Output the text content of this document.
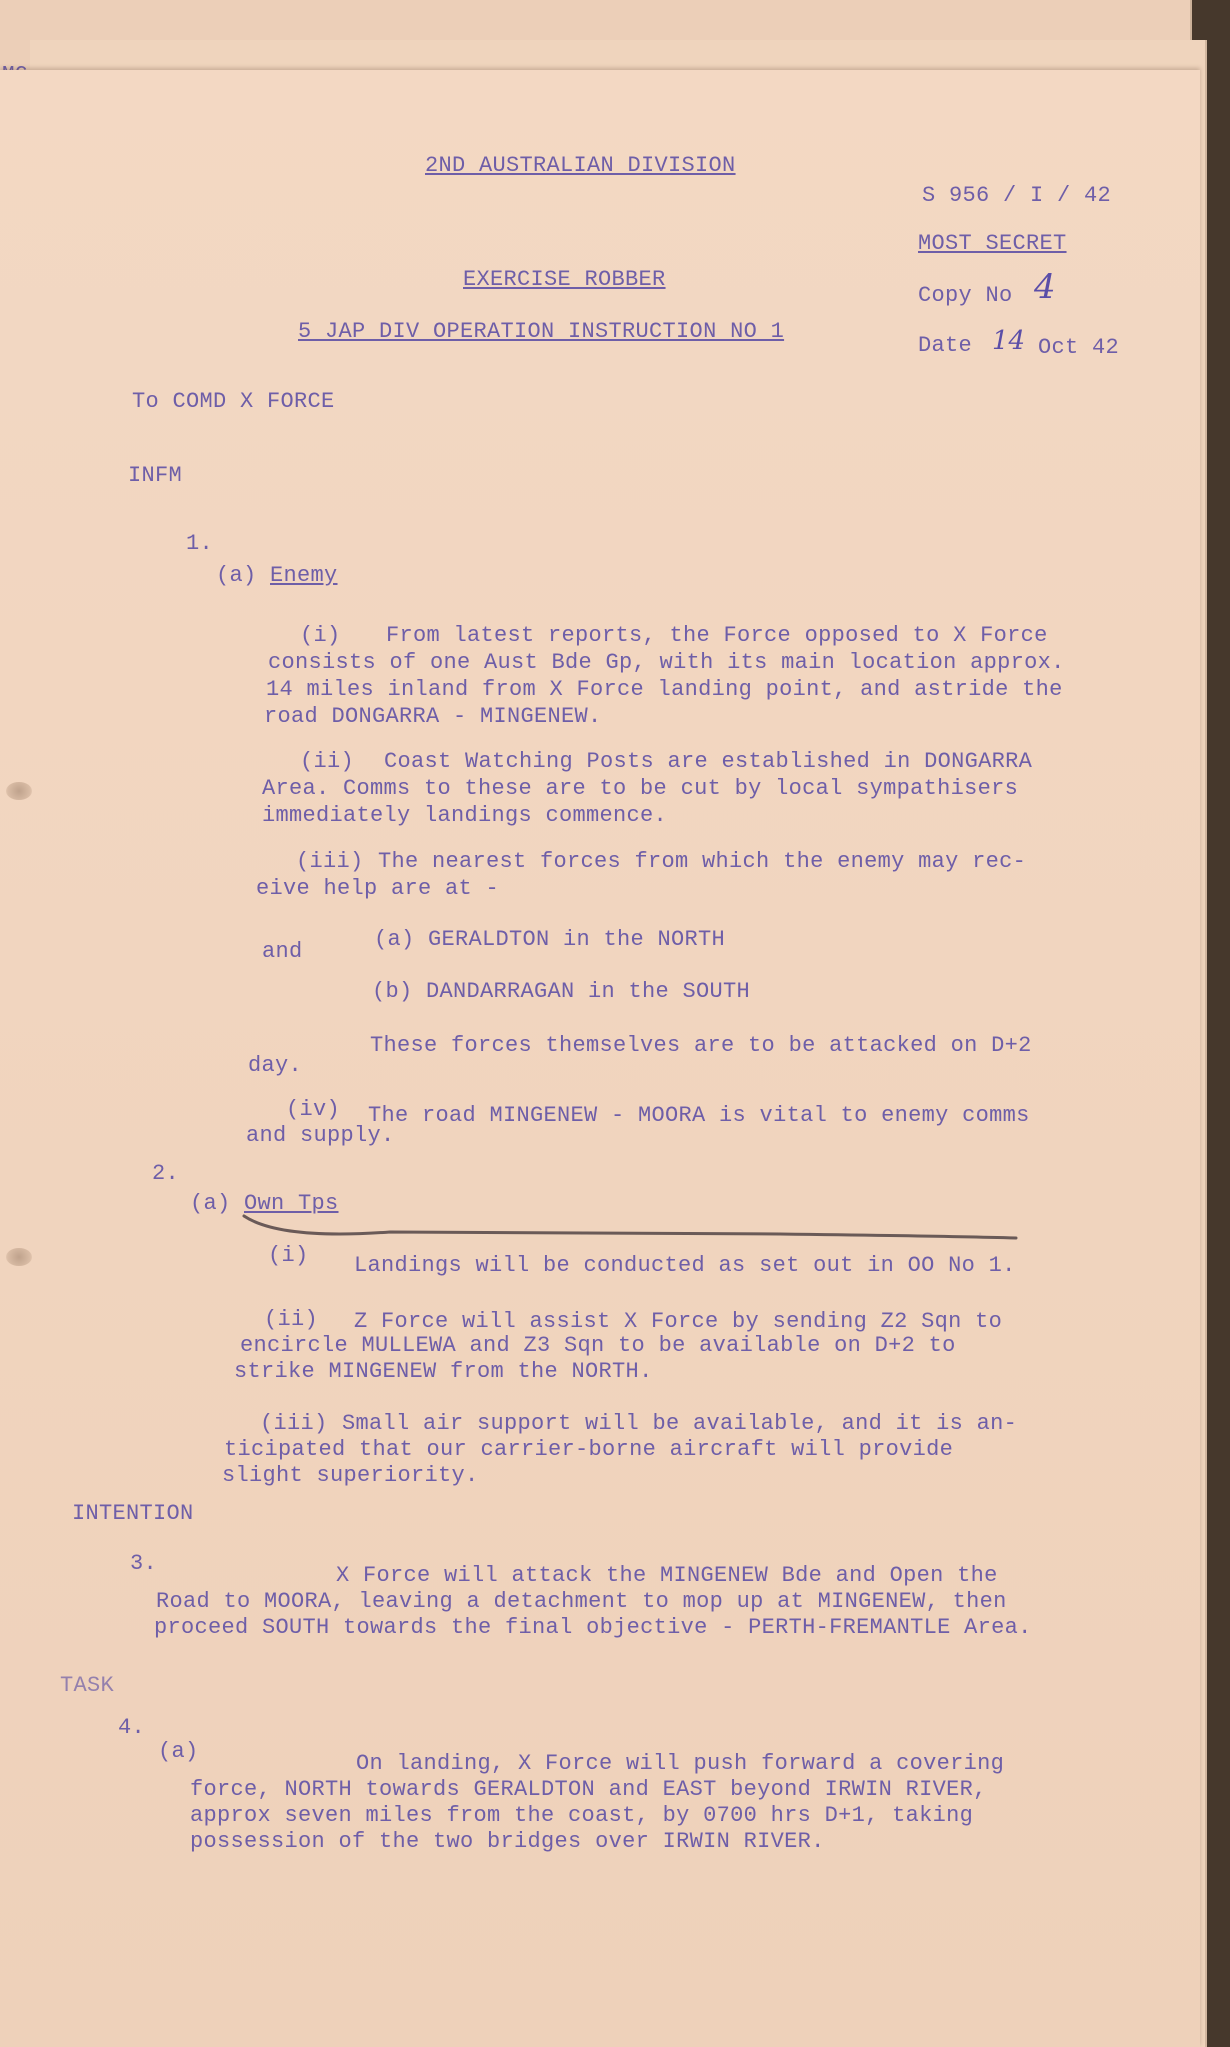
2ND AUSTRALIAN DIVISION
S 956 / I / 42
MOST SECRET
EXERCISE ROBBER
Copy No 4
5 JAP DIV OPERATION INSTRUCTION NO 1
Date 14 Oct 42
To COMD X FORCE
INFM
1.
(a) Enemy
(i) From latest reports, the Force opposed to X Force
consists of one Aust Bde Gp, with its main location approx.
14 miles inland from X Force landing point, and astride the
road DONGARRA - MINGENEW.
(ii) Coast Watching Posts are established in DONGARRA
Area. Comms to these are to be cut by local sympathisers
immediately landings commence.
(iii) The nearest forces from which the enemy may rec-
eive help are at -
(a) GERALDTON in the NORTH
and
(b) DANDARRAGAN in the SOUTH
These forces themselves are to be attacked on D+2
day.
(iv) The road MINGENEW - MOORA is vital to enemy comms
and supply.
2.
(a) Own Tps
(i) Landings will be conducted as set out in OO No 1.
(ii) Z Force will assist X Force by sending Z2 Sqn to
encircle MULLEWA and Z3 Sqn to be available on D+2 to
strike MINGENEW from the NORTH.
(iii) Small air support will be available, and it is an-
ticipated that our carrier-borne aircraft will provide
slight superiority.
INTENTION
3.	X Force will attack the MINGENEW Bde and Open the
Road to MOORA, leaving a detachment to mop up at MINGENEW, then
proceed SOUTH towards the final objective - PERTH-FREMANTLE Area.
TASK
4.
(a)	On landing, X Force will push forward a covering
force, NORTH towards GERALDTON and EAST beyond IRWIN RIVER,
approx seven miles from the coast, by 0700 hrs D+1, taking
possession of the two bridges over IRWIN RIVER.
